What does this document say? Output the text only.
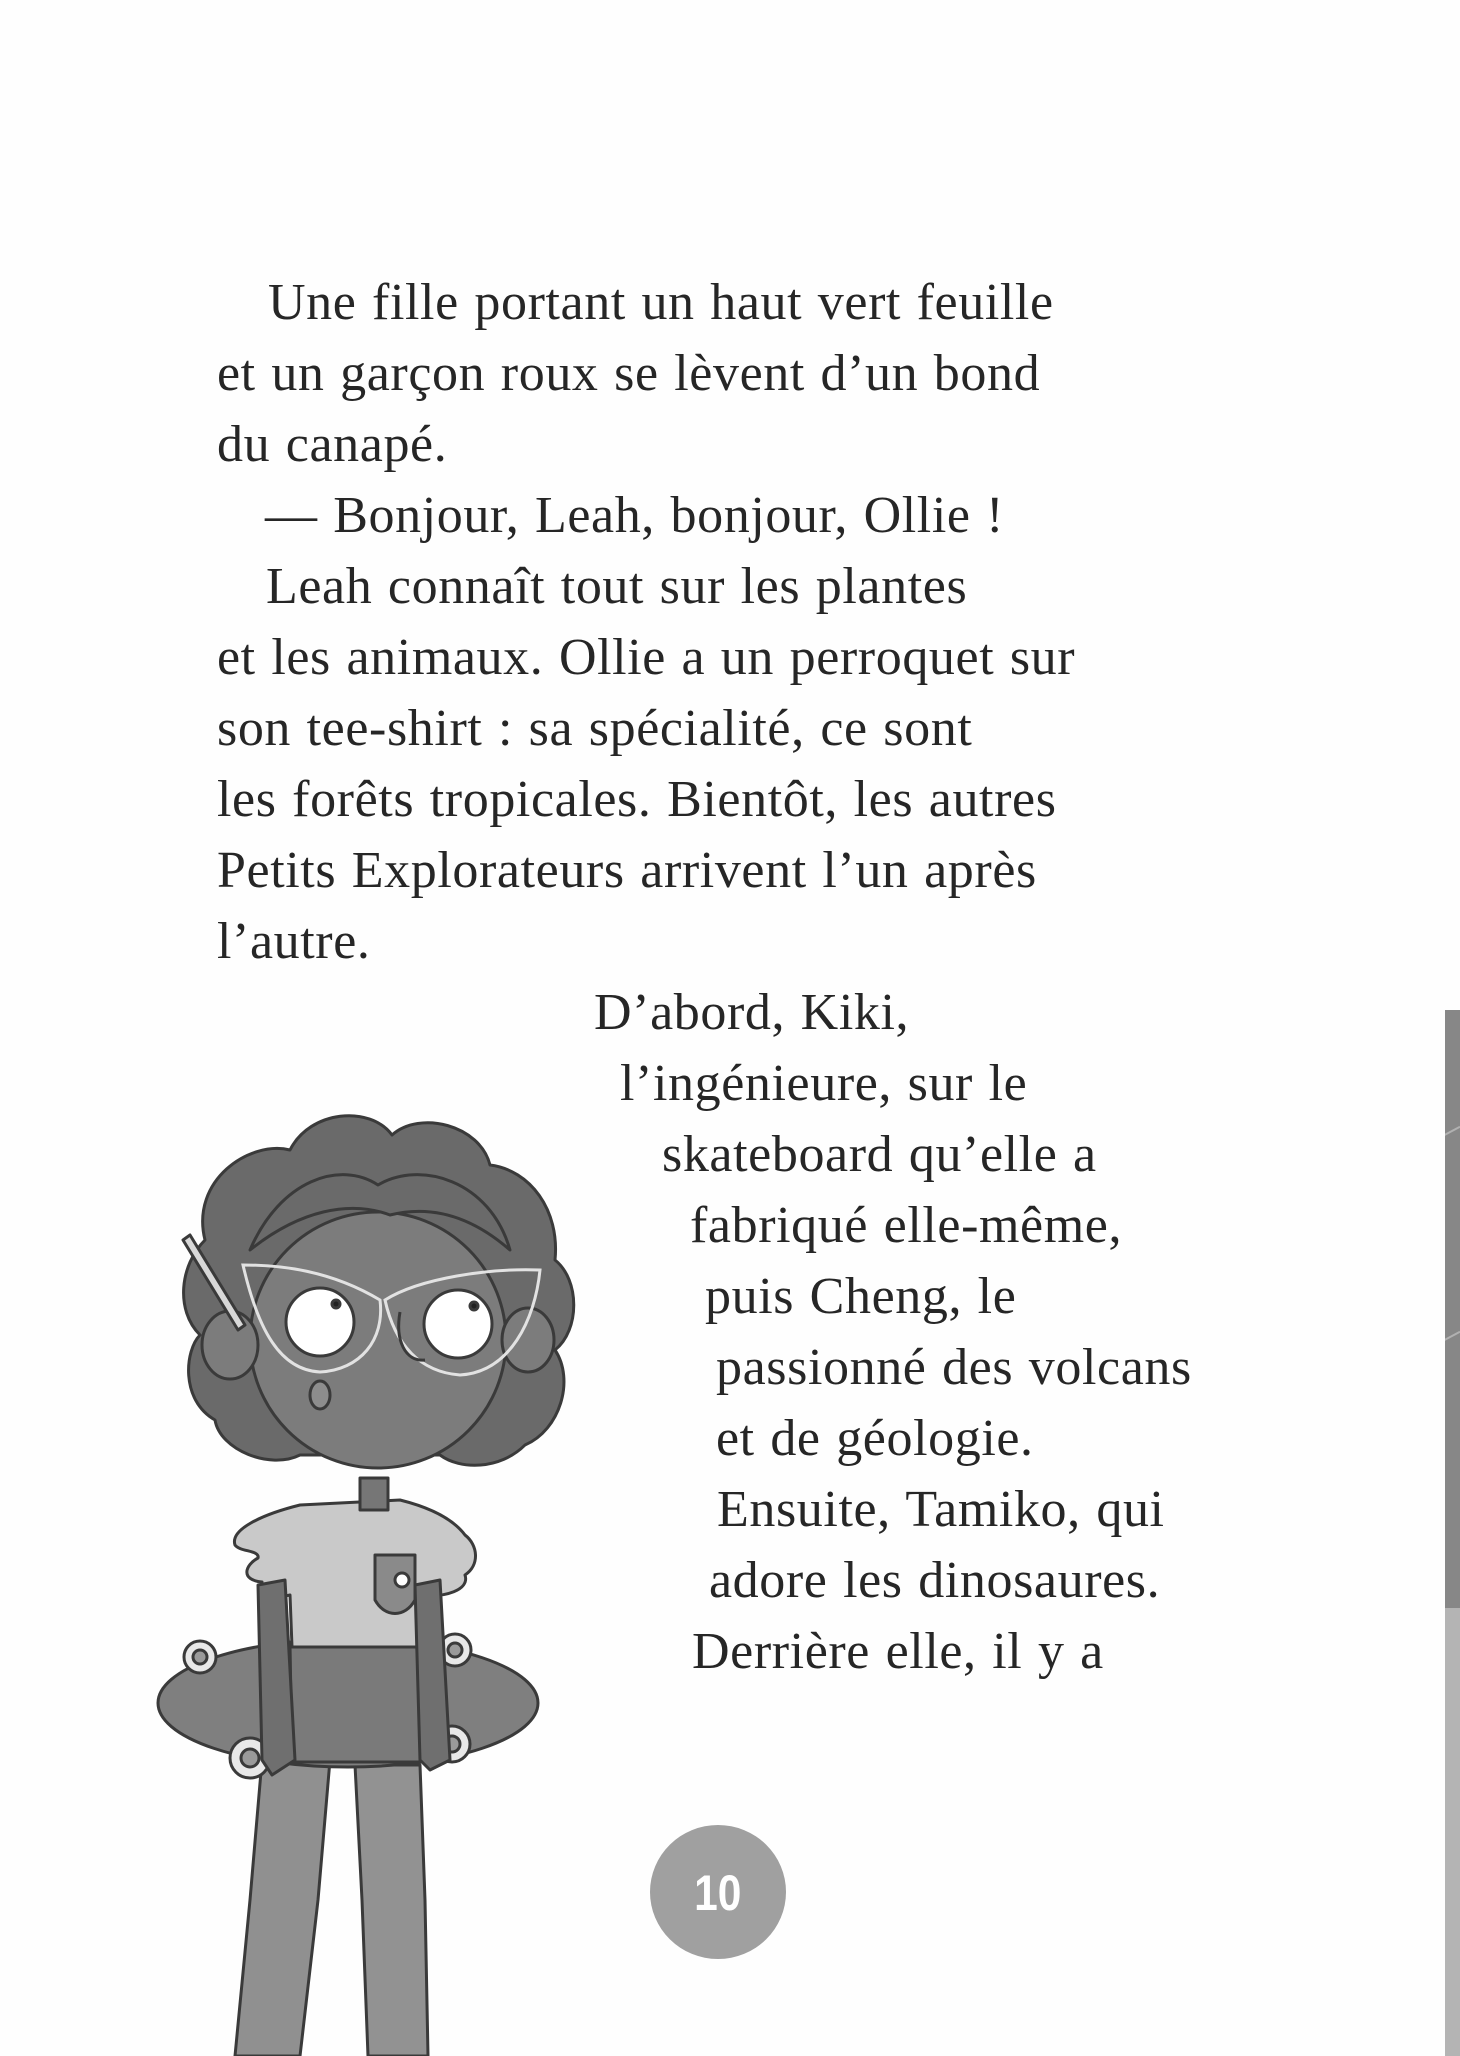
Une fille portant un haut vert feuille
et un garçon roux se lèvent d’un bond
du canapé.
— Bonjour, Leah, bonjour, Ollie !
Leah connaît tout sur les plantes
et les animaux. Ollie a un perroquet sur
son tee-shirt : sa spécialité, ce sont
les forêts tropicales. Bientôt, les autres
Petits Explorateurs arrivent l’un après
l’autre.
D’abord, Kiki,
l’ingénieure, sur le
skateboard qu’elle a
fabriqué elle-même,
puis Cheng, le
passionné des volcans
et de géologie.
Ensuite, Tamiko, qui
adore les dinosaures.
Derrière elle, il y a
10
